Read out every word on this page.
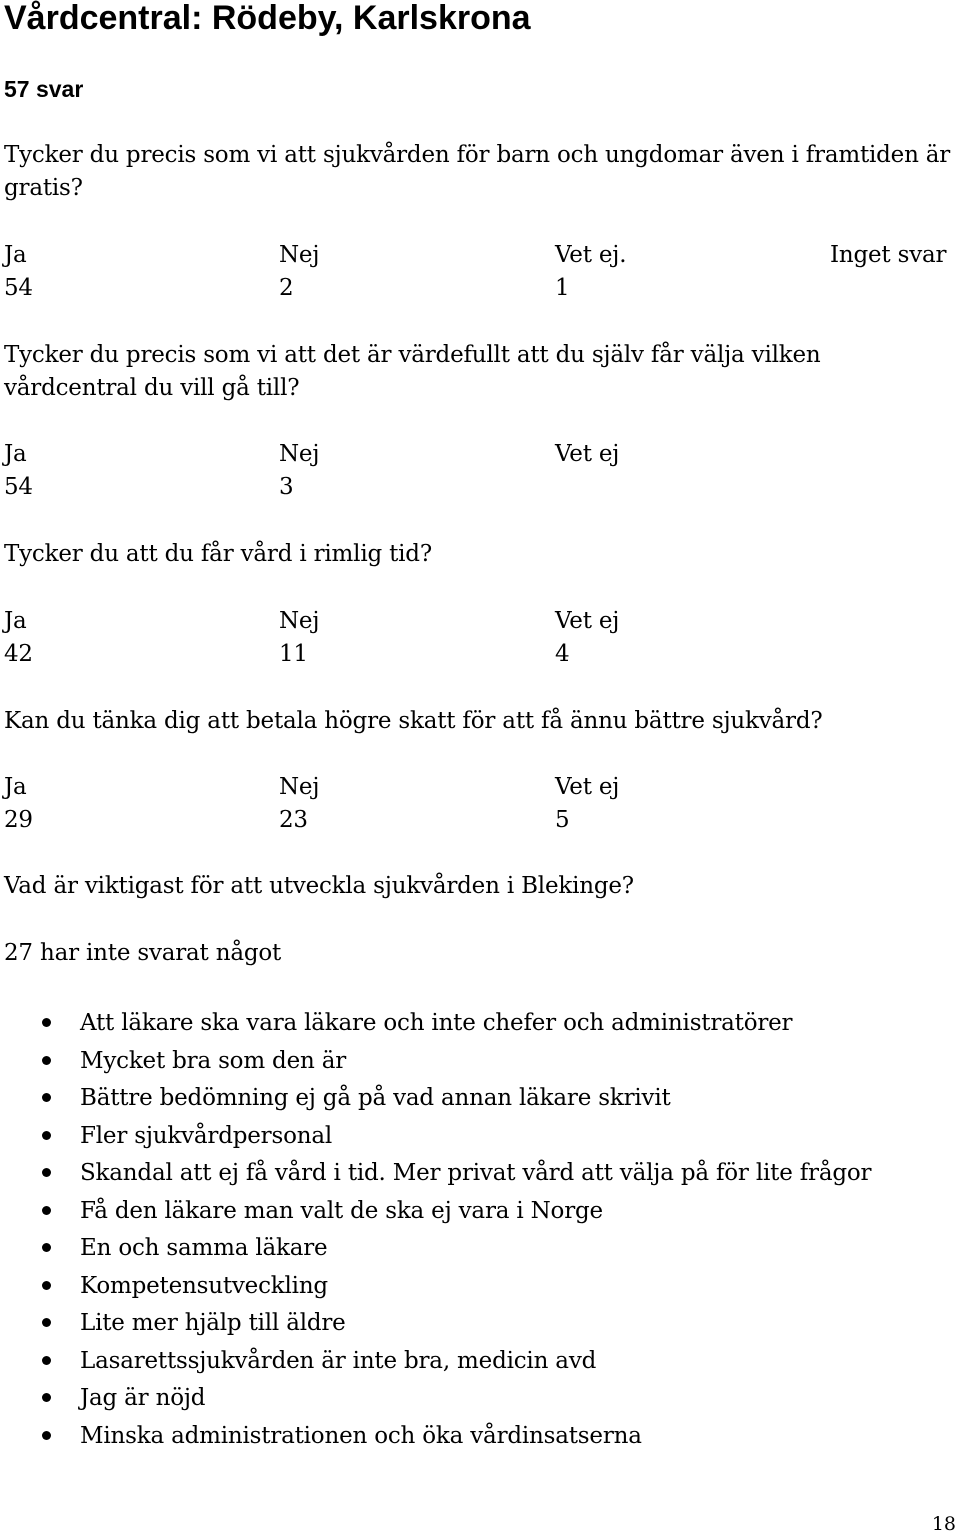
Vårdcentral: Rödeby, Karlskrona
57 svar
Tycker du precis som vi att sjukvården för barn och ungdomar även i framtiden är gratis?
Ja	Nej	Vet ej.	Inget svar
54	2	1
Tycker du precis som vi att det är värdefullt att du själv får välja vilken vårdcentral du vill gå till?
Ja	Nej	Vet ej
54	3
Tycker du att du får vård i rimlig tid?
Ja	Nej	Vet ej
42	11	4
Kan du tänka dig att betala högre skatt för att få ännu bättre sjukvård?
Ja	Nej	Vet ej
29	23	5
Vad är viktigast för att utveckla sjukvården i Blekinge?
27 har inte svarat något
Att läkare ska vara läkare och inte chefer och administratörer
Mycket bra som den är
Bättre bedömning ej gå på vad annan läkare skrivit
Fler sjukvårdpersonal
Skandal att ej få vård i tid. Mer privat vård att välja på för lite frågor
Få den läkare man valt de ska ej vara i Norge
En och samma läkare
Kompetensutveckling
Lite mer hjälp till äldre
Lasarettssjukvården är inte bra, medicin avd
Jag är nöjd
Minska administrationen och öka vårdinsatserna
18
